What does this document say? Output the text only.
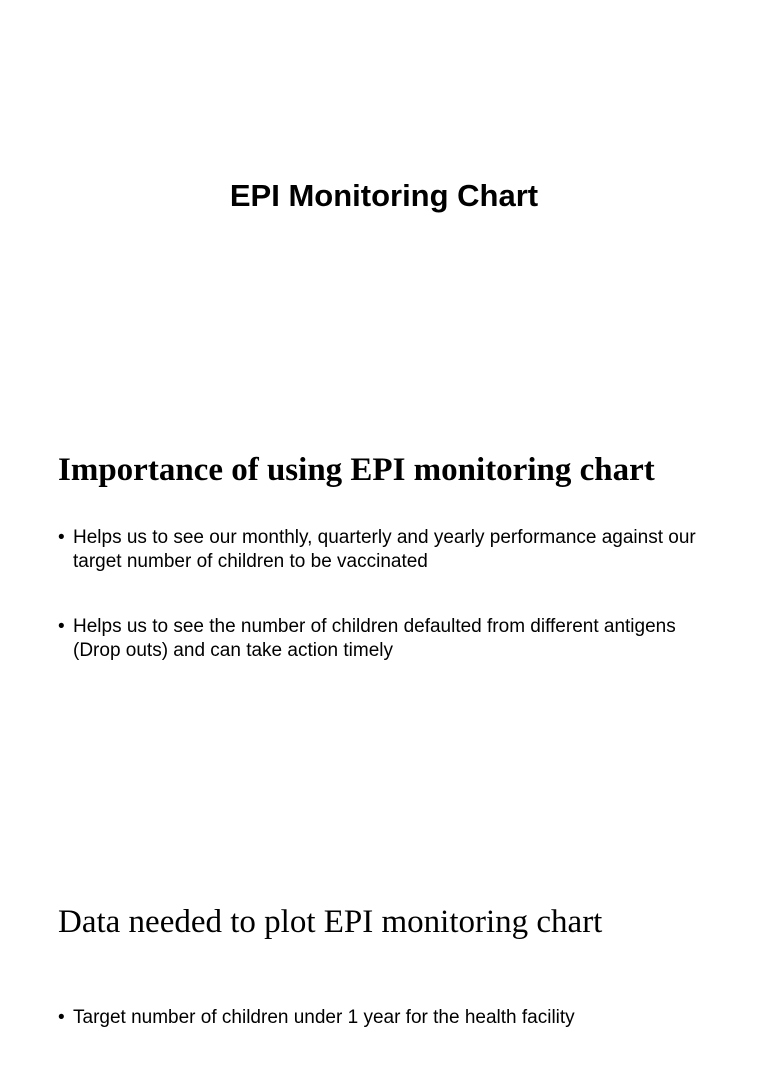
EPI Monitoring Chart
Importance of using EPI monitoring chart
• Helps us to see our monthly, quarterly and yearly performance against our target number of children to be vaccinated
• Helps us to see the number of children defaulted from different antigens (Drop outs) and can take action timely
Data needed to plot EPI monitoring chart
• Target number of children under 1 year for the health facility
